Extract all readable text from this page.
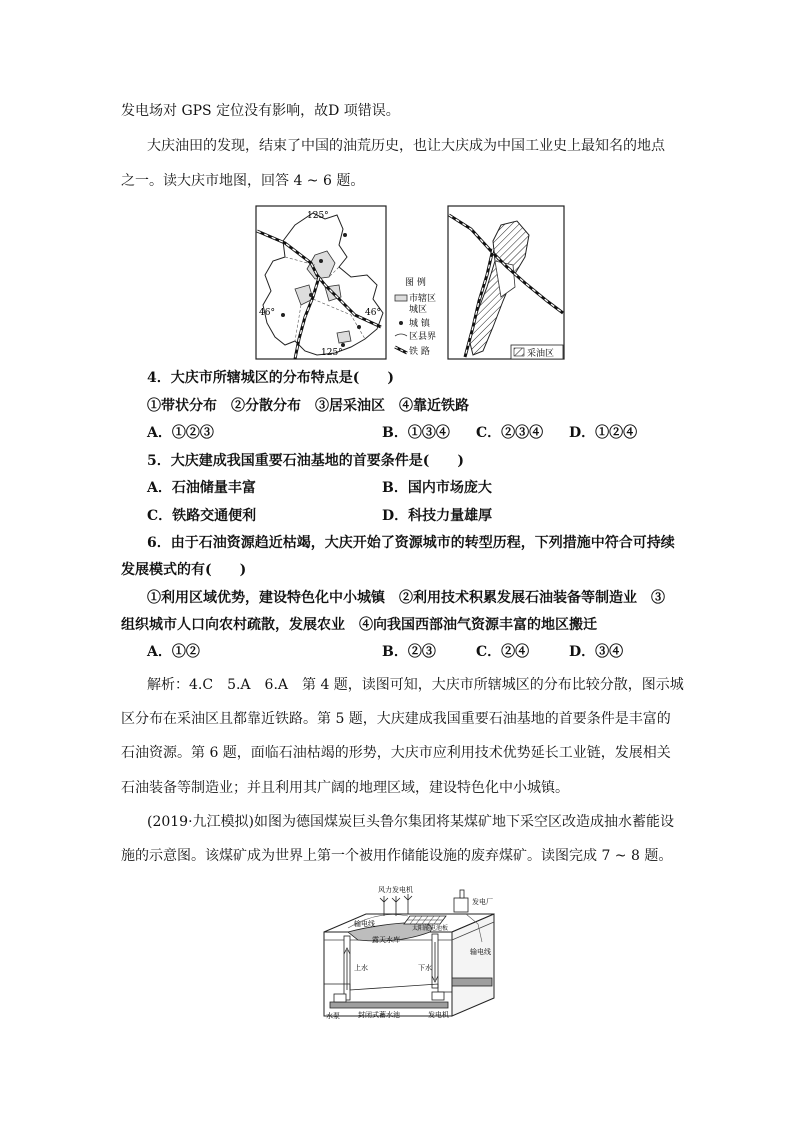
发电场对 GPS 定位没有影响，故D 项错误。
大庆油田的发现，结束了中国的油荒历史，也让大庆成为中国工业史上最知名的地点
之一。读大庆市地图，回答 4 ~ 6 题。
125°
125°
46°	46°
图 例
市辖区
城区
城 镇
区县界
铁 路	采油区
4．大庆市所辖城区的分布特点是(　　)
①带状分布　②分散分布　③居采油区　④靠近铁路
A．①②③	B．①③④ C．②③④ D．①②④
5．大庆建成我国重要石油基地的首要条件是(　　)
A．石油储量丰富	B．国内市场庞大
C．铁路交通便利	D．科技力量雄厚
6．由于石油资源趋近枯竭，大庆开始了资源城市的转型历程，下列措施中符合可持续
发展模式的有(　　)
①利用区域优势，建设特色化中小城镇　②利用技术积累发展石油装备等制造业　③
组织城市人口向农村疏散，发展农业　④向我国西部油气资源丰富的地区搬迁
A．①②	B．②③	C．②④	D．③④
解析：4.C　5.A　6.A　第 4 题，读图可知，大庆市所辖城区的分布比较分散，图示城
区分布在采油区且都靠近铁路。第 5 题，大庆建成我国重要石油基地的首要条件是丰富的
石油资源。第 6 题，面临石油枯竭的形势，大庆市应利用技术优势延长工业链，发展相关
石油装备等制造业；并且利用其广阔的地理区域，建设特色化中小城镇。
(2019·九江模拟)如图为德国煤炭巨头鲁尔集团将某煤矿地下采空区改造成抽水蓄能设
施的示意图。该煤矿成为世界上第一个被用作储能设施的废弃煤矿。读图完成 7 ~ 8 题。
风力发电机
发电厂
输电线
输电线
太阳能电池板
露天水库
上水	下水
水泵	封闭式蓄水池	发电机
